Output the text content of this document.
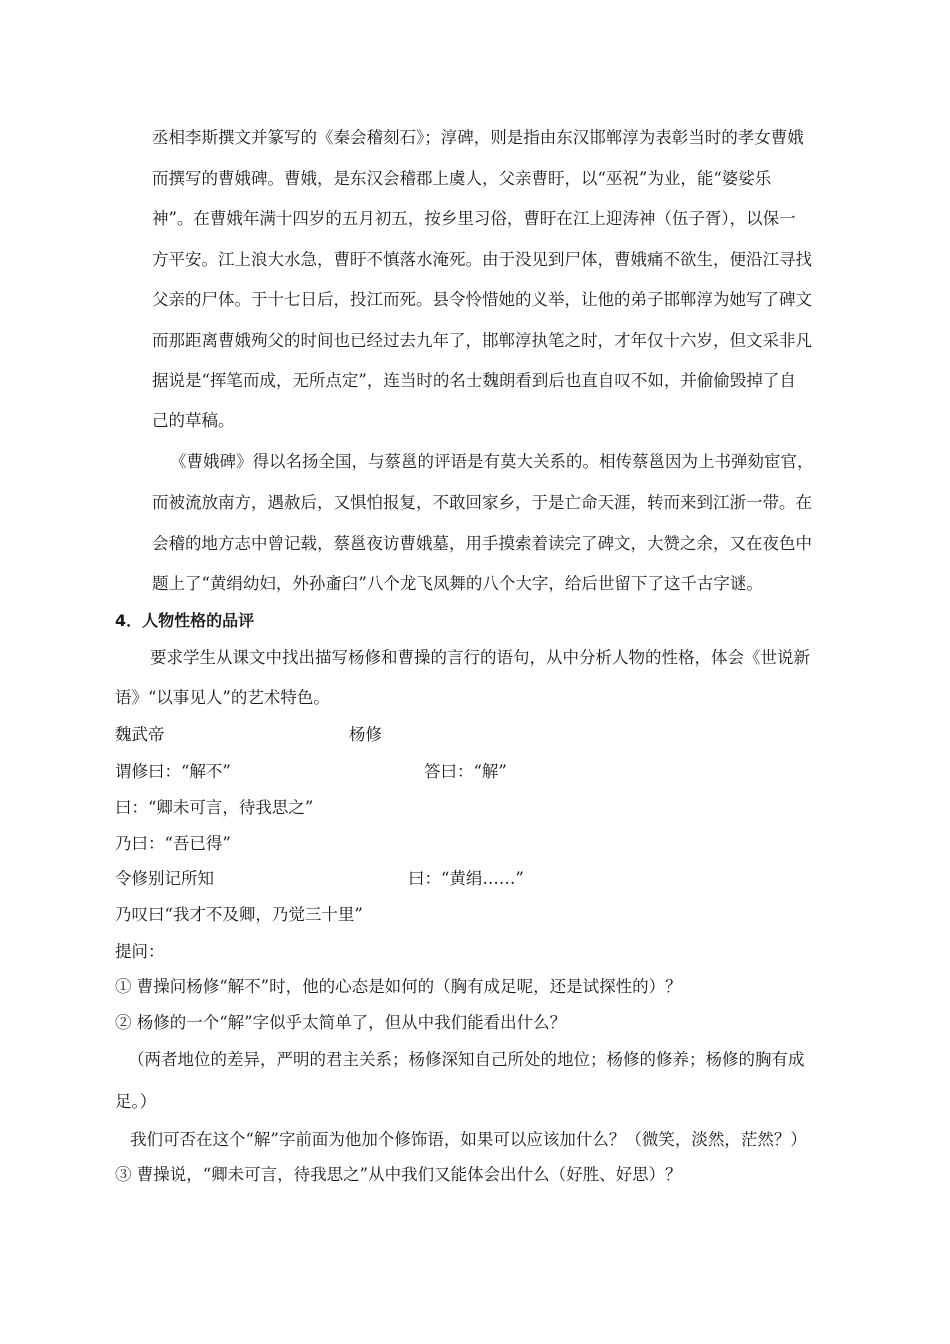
丞相李斯撰文并篆写的《秦会稽刻石》；淳碑，则是指由东汉邯郸淳为表彰当时的孝女曹娥
而撰写的曹娥碑。曹娥，是东汉会稽郡上虞人，父亲曹盱，以“巫祝”为业，能“婆娑乐
神”。在曹娥年满十四岁的五月初五，按乡里习俗，曹盱在江上迎涛神（伍子胥），以保一
方平安。江上浪大水急，曹盱不慎落水淹死。由于没见到尸体，曹娥痛不欲生，便沿江寻找
父亲的尸体。于十七日后，投江而死。县令怜惜她的义举，让他的弟子邯郸淳为她写了碑文
而那距离曹娥殉父的时间也已经过去九年了，邯郸淳执笔之时，才年仅十六岁，但文采非凡
据说是“挥笔而成，无所点定”，连当时的名士魏朗看到后也直自叹不如，并偷偷毁掉了自
己的草稿。
《曹娥碑》得以名扬全国，与蔡邕的评语是有莫大关系的。相传蔡邕因为上书弹劾宦官，
而被流放南方，遇赦后，又惧怕报复，不敢回家乡，于是亡命天涯，转而来到江浙一带。在
会稽的地方志中曾记载，蔡邕夜访曹娥墓，用手摸索着读完了碑文，大赞之余，又在夜色中
题上了“黄绢幼妇，外孙齑臼”八个龙飞凤舞的八个大字，给后世留下了这千古字谜。
4．人物性格的品评
要求学生从课文中找出描写杨修和曹操的言行的语句，从中分析人物的性格，体会《世说新
语》“以事见人”的艺术特色。
魏武帝	杨修
谓修曰：“解不”	答曰：“解”
曰：“卿未可言，待我思之”
乃曰：“吾已得”
令修别记所知	曰：“黄绢……”
乃叹曰“我才不及卿，乃觉三十里”
提问：
① 曹操问杨修“解不”时，他的心态是如何的（胸有成足呢，还是试探性的）？
② 杨修的一个“解”字似乎太简单了，但从中我们能看出什么？
（两者地位的差异，严明的君主关系；杨修深知自己所处的地位；杨修的修养；杨修的胸有成
足。）
我们可否在这个“解”字前面为他加个修饰语，如果可以应该加什么？（微笑，淡然，茫然？）
③ 曹操说，“卿未可言，待我思之”从中我们又能体会出什么（好胜、好思）？
